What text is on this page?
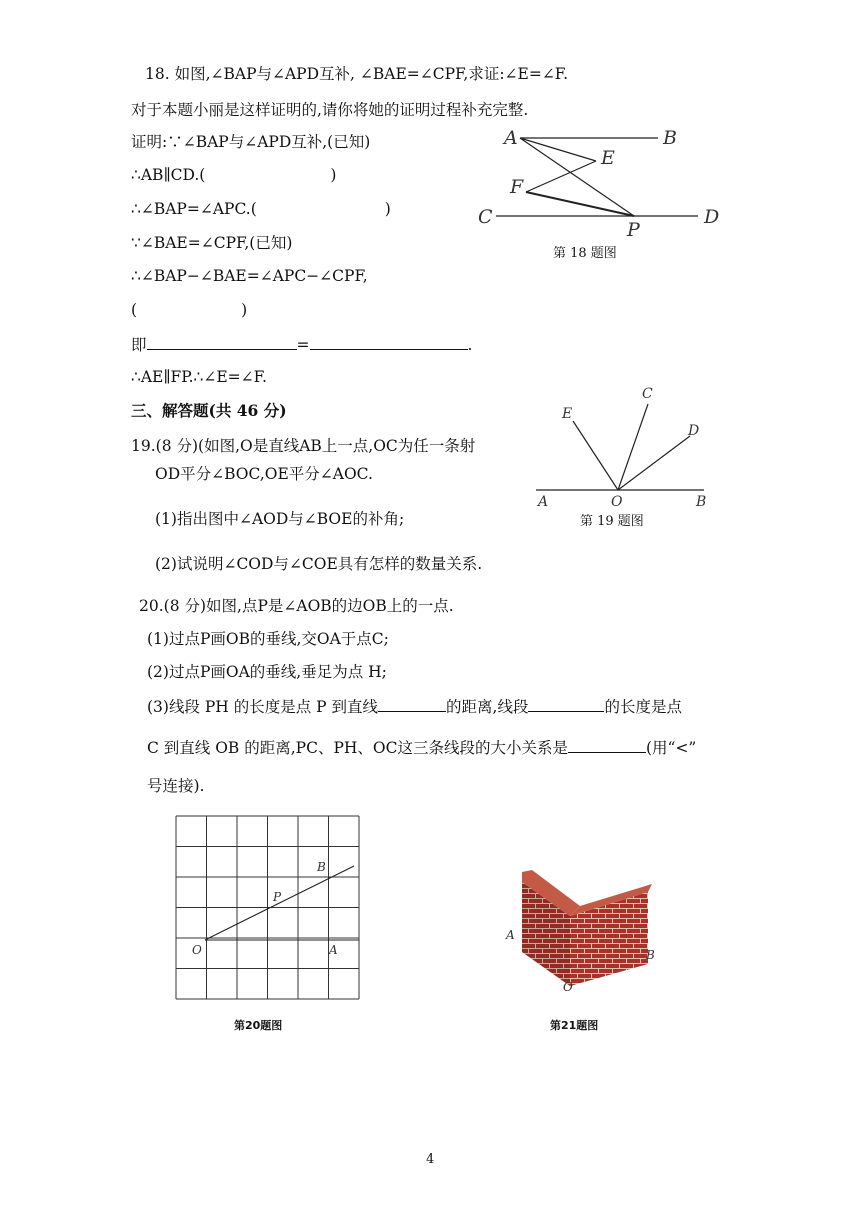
18. 如图,∠BAP与∠APD互补, ∠BAE=∠CPF,求证:∠E=∠F.
对于本题小丽是这样证明的,请你将她的证明过程补充完整.
证明:∵∠BAP与∠APD互补,(已知)
∴AB∥CD.(	)
∴∠BAP=∠APC.(	)
∵∠BAE=∠CPF,(已知)
∴∠BAP−∠BAE=∠APC−∠CPF,
(	)
即	=	.
∴AE∥FP.∴∠E=∠F.
A	B
C	D
E
F
P
第 18 题图
三、解答题(共 46 分)
19.(8 分)(如图,O是直线AB上一点,OC为任一条射
OD平分∠BOC,OE平分∠AOC.
(1)指出图中∠AOD与∠BOE的补角;
(2)试说明∠COD与∠COE具有怎样的数量关系.
A	B
C
D
E
O
第 19 题图
20.(8 分)如图,点P是∠AOB的边OB上的一点.
(1)过点P画OB的垂线,交OA于点C;
(2)过点P画OA的垂线,垂足为点 H;
(3)线段 PH 的长度是点 P 到直线	的距离,线段	的长度是点
C 到直线 OB 的距离,PC、PH、OC这三条线段的大小关系是	(用“<”
号连接).
O	A
B
P
第20题图
A
B
O
第21题图
4
